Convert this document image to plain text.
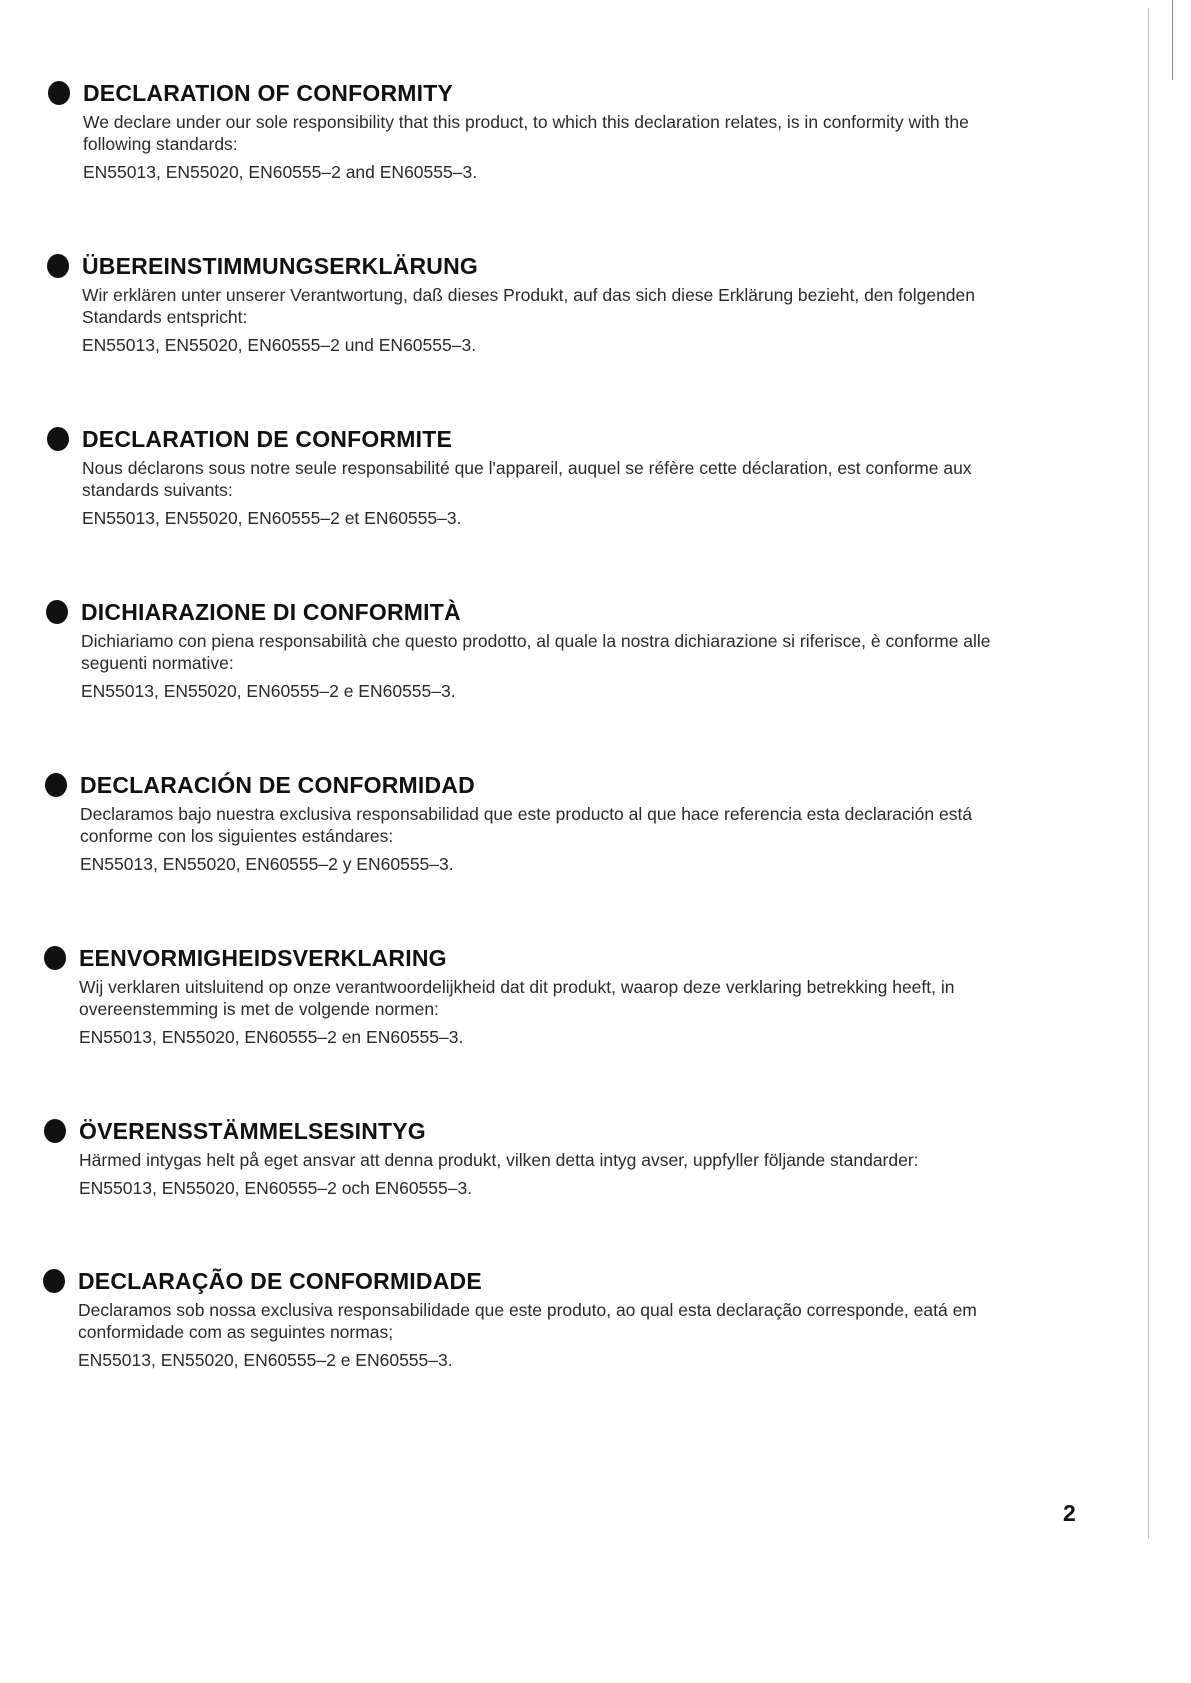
DECLARATION OF CONFORMITY
We declare under our sole responsibility that this product, to which this declaration relates, is in conformity with the following standards:
EN55013, EN55020, EN60555–2 and EN60555–3.
ÜBEREINSTIMMUNGSERKLÄRUNG
Wir erklären unter unserer Verantwortung, daß dieses Produkt, auf das sich diese Erklärung bezieht, den folgenden Standards entspricht:
EN55013, EN55020, EN60555–2 und EN60555–3.
DECLARATION DE CONFORMITE
Nous déclarons sous notre seule responsabilité que l'appareil, auquel se réfère cette déclaration, est conforme aux standards suivants:
EN55013, EN55020, EN60555–2 et EN60555–3.
DICHIARAZIONE DI CONFORMITÀ
Dichiariamo con piena responsabilità che questo prodotto, al quale la nostra dichiarazione si riferisce, è conforme alle seguenti normative:
EN55013, EN55020, EN60555–2 e EN60555–3.
DECLARACIÓN DE CONFORMIDAD
Declaramos bajo nuestra exclusiva responsabilidad que este producto al que hace referencia esta declaración está conforme con los siguientes estándares:
EN55013, EN55020, EN60555–2 y EN60555–3.
EENVORMIGHEIDSVERKLARING
Wij verklaren uitsluitend op onze verantwoordelijkheid dat dit produkt, waarop deze verklaring betrekking heeft, in overeenstemming is met de volgende normen:
EN55013, EN55020, EN60555–2 en EN60555–3.
ÖVERENSSTÄMMELSESINTYG
Härmed intygas helt på eget ansvar att denna produkt, vilken detta intyg avser, uppfyller följande standarder:
EN55013, EN55020, EN60555–2 och EN60555–3.
DECLARAÇÃO DE CONFORMIDADE
Declaramos sob nossa exclusiva responsabilidade que este produto, ao qual esta declaração corresponde, eatá em conformidade com as seguintes normas;
EN55013, EN55020, EN60555–2 e EN60555–3.
2
